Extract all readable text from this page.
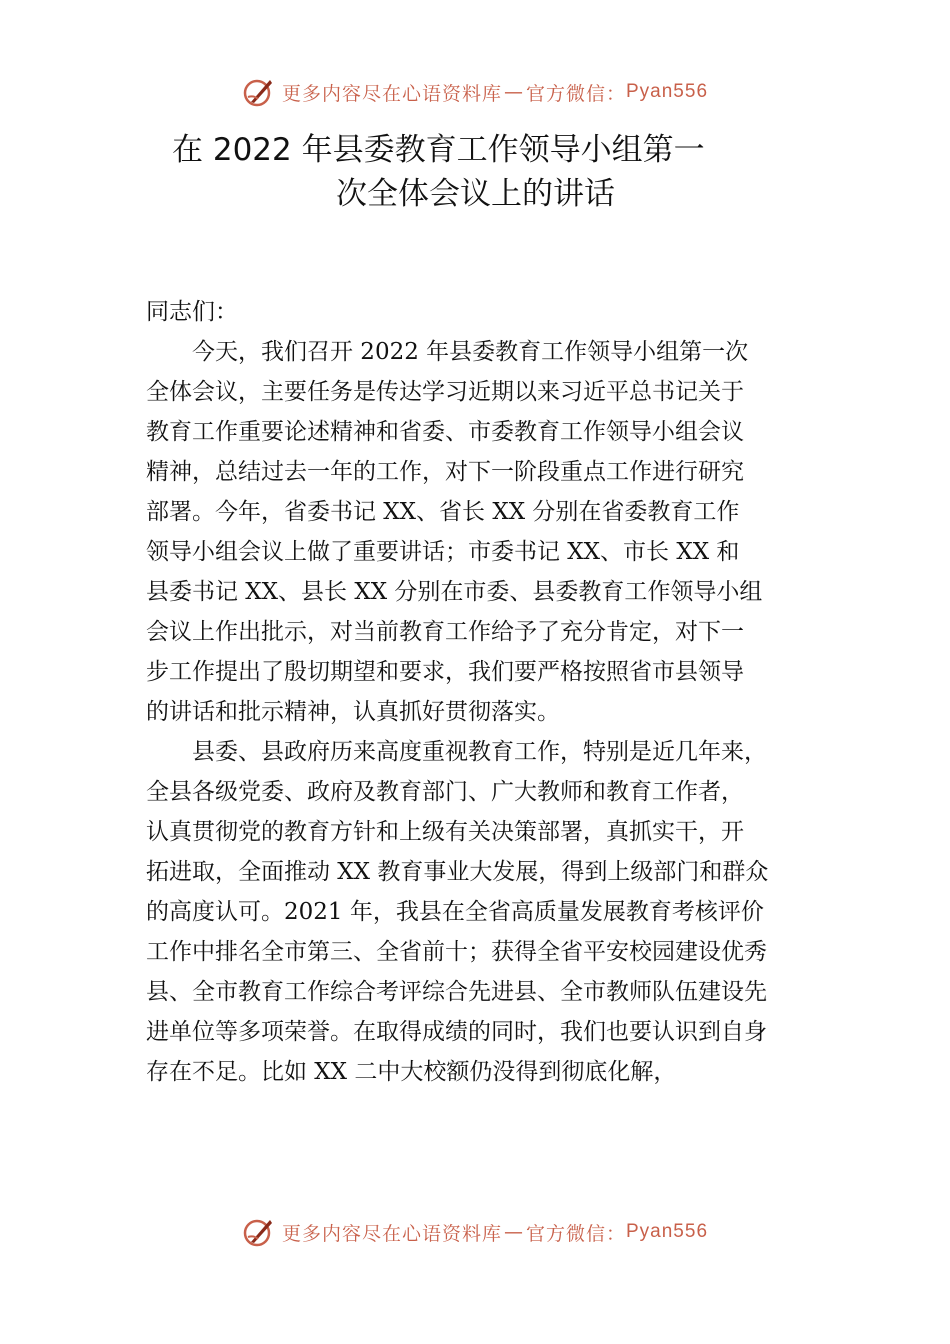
更多内容尽在心语资料库 — 官方微信： Pyan556
在 2022 年县委教育工作领导小组第一
次全体会议上的讲话

同志们：

今天，我们召开 2022 年县委教育工作领导小组第一次
全体会议，主要任务是传达学习近期以来习近平总书记关于
教育工作重要论述精神和省委、市委教育工作领导小组会议
精神，总结过去一年的工作，对下一阶段重点工作进行研究
部署。今年，省委书记 XX、省长 XX 分别在省委教育工作
领导小组会议上做了重要讲话；市委书记 XX、市长 XX 和
县委书记 XX、县长 XX 分别在市委、县委教育工作领导小组
会议上作出批示，对当前教育工作给予了充分肯定，对下一
步工作提出了殷切期望和要求，我们要严格按照省市县领导
的讲话和批示精神，认真抓好贯彻落实。
县委、县政府历来高度重视教育工作，特别是近几年来，
全县各级党委、政府及教育部门、广大教师和教育工作者，
认真贯彻党的教育方针和上级有关决策部署，真抓实干，开
拓进取，全面推动 XX 教育事业大发展，得到上级部门和群众
的高度认可。2021 年，我县在全省高质量发展教育考核评价
工作中排名全市第三、全省前十；获得全省平安校园建设优秀
县、全市教育工作综合考评综合先进县、全市教师队伍建设先
进单位等多项荣誉。在取得成绩的同时，我们也要认识到自身
存在不足。比如 XX 二中大校额仍没得到彻底化解，
更多内容尽在心语资料库 — 官方微信： Pyan556
